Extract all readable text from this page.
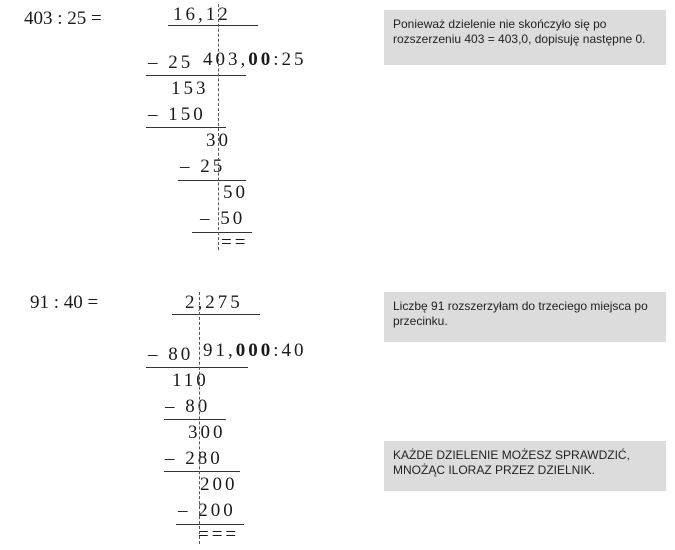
403 : 25 =	16,12

403,00:25

– 25
153
– 150
30
– 25
50
– 50
==
Ponieważ dzielenie nie skończyło się po rozszerzeniu 403 = 403,0, dopisuję następne 0.
91 : 40 =	2,275

91,000:40

– 80
110
– 80
300
– 280
200
– 200
===
Liczbę 91 rozszerzyłam do trzeciego miejsca po przecinku.
KAŻDE DZIELENIE MOŻESZ SPRAWDZIĆ, MNOŻĄC ILORAZ PRZEZ DZIELNIK.
